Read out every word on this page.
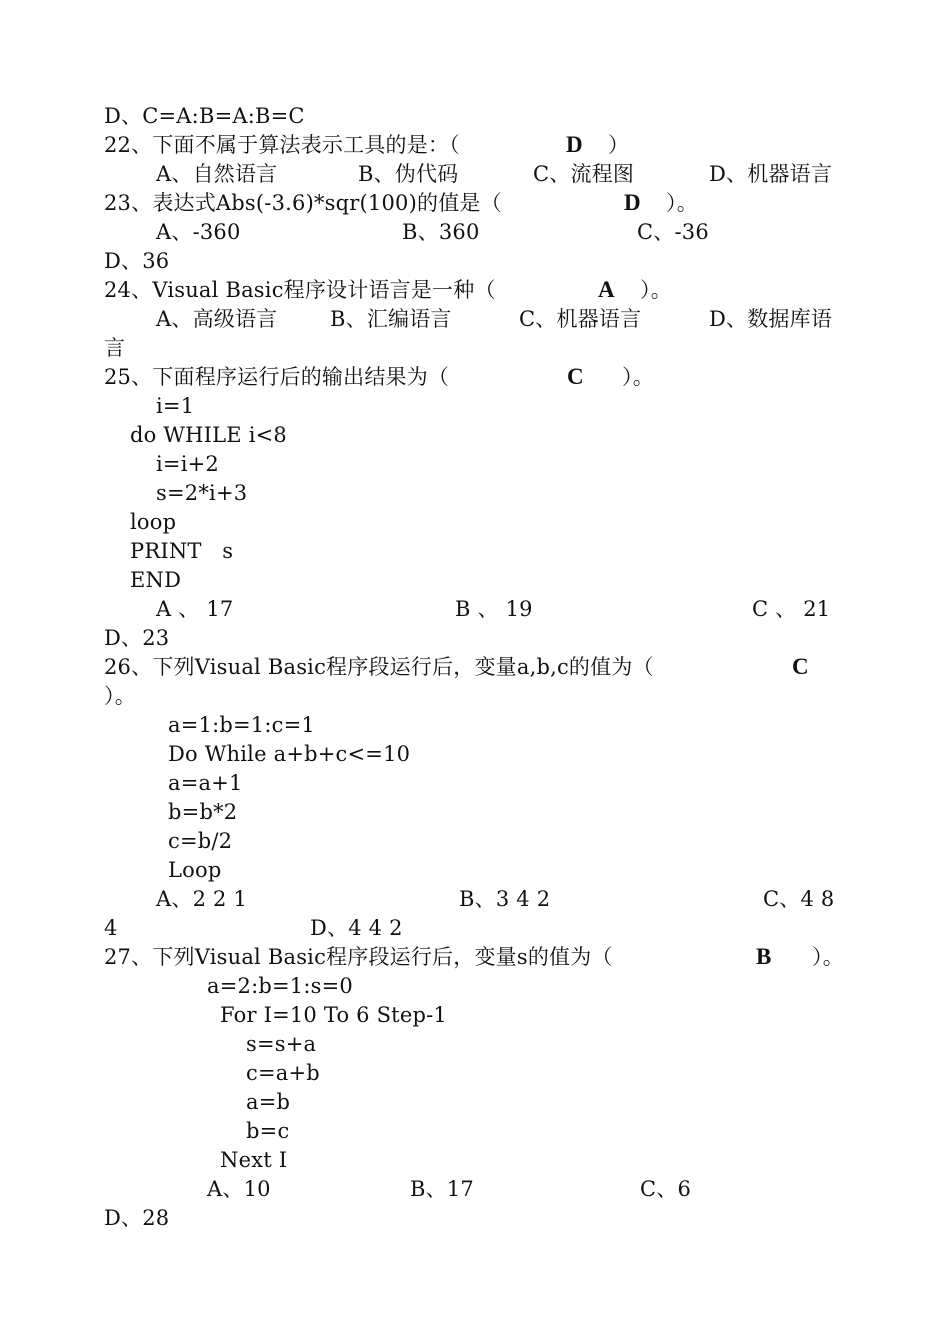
D、C=A:B=A:B=C
22、下面不属于算法表示工具的是：（	D ）
A、自然语言	B、伪代码	C、流程图	D、机器语言
23、表达式Abs(-3.6)*sqr(100)的值是（	D ）。
A、-360	B、360	C、-36
D、36
24、Visual Basic程序设计语言是一种（	A ）。
A、高级语言	B、汇编语言	C、机器语言	D、数据库语
言
25、下面程序运行后的输出结果为（	C ）。
i=1
do WHILE i<8
i=i+2
s=2*i+3
loop
PRINT   s
END
A 、 17	B 、 19	C 、 21
D、23
26、下列Visual Basic程序段运行后，变量a,b,c的值为（	C
）。
a=1:b=1:c=1
Do While a+b+c<=10
a=a+1
b=b*2
c=b/2
Loop
A、2 2 1	B、3 4 2	C、4 8
4	D、4 4 2
27、下列Visual Basic程序段运行后，变量s的值为（	B ）。
a=2:b=1:s=0
For I=10 To 6 Step-1
s=s+a
c=a+b
a=b
b=c
Next I
A、10	B、17	C、6
D、28
